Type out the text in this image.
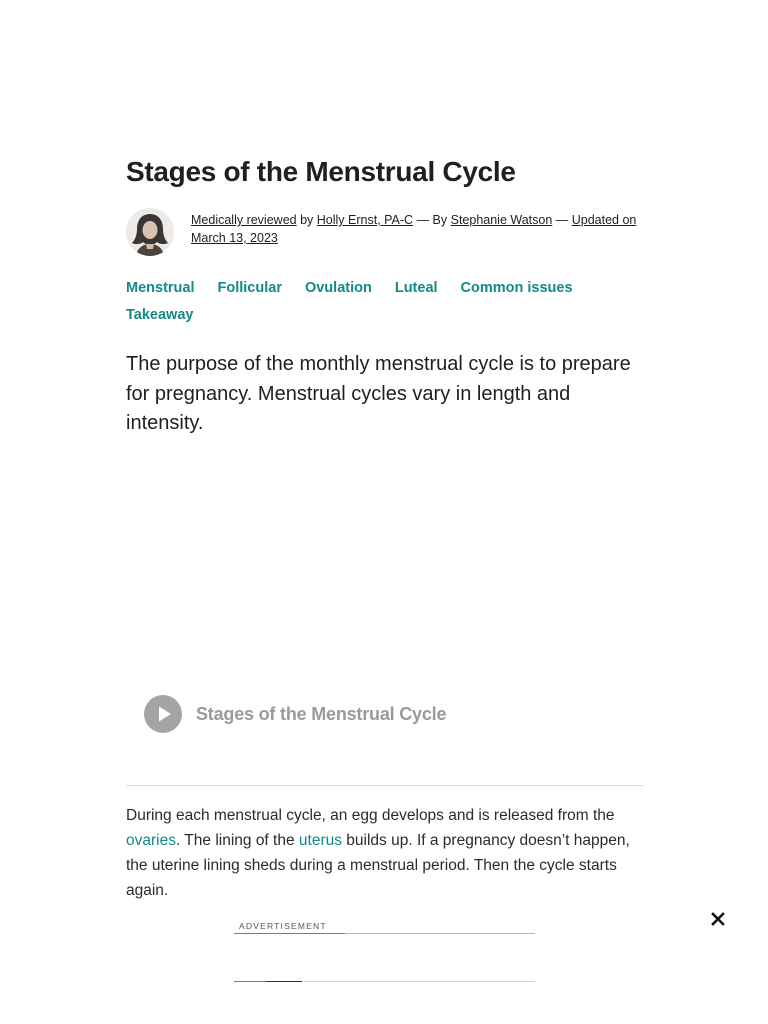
Stages of the Menstrual Cycle
Medically reviewed by Holly Ernst, PA-C — By Stephanie Watson — Updated on March 13, 2023
Menstrual Follicular Ovulation Luteal Common issues
Takeaway

The purpose of the monthly menstrual cycle is to prepare for pregnancy. Menstrual cycles vary in length and intensity.

Stages of the Menstrual Cycle
During each menstrual cycle, an egg develops and is released from the ovaries. The lining of the uterus builds up. If a pregnancy doesn’t happen, the uterine lining sheds during a menstrual period. Then the cycle starts again.
ADVERTISEMENT
